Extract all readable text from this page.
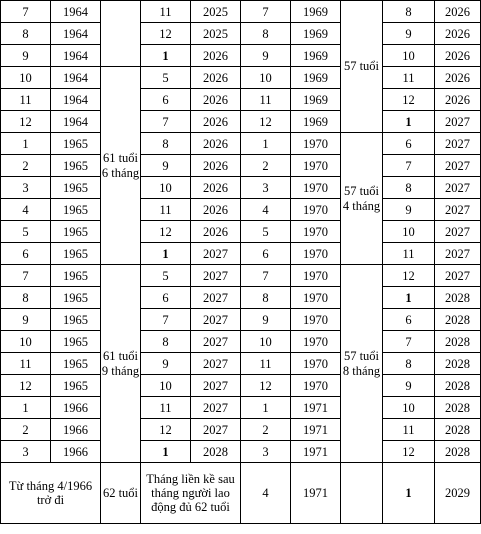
7	1964		11	2025	7	1969	57 tuổi	8	2026
8	1964		12	2025	8	1969		9	2026
9	1964		1	2026	9	1969		10	2026
10	1964	61 tuổi 6 tháng	5	2026	10	1969		11	2026
11	1964		6	2026	11	1969		12	2026
12	1964		7	2026	12	1969		1	2027
1	1965		8	2026	1	1970	57 tuổi 4 tháng	6	2027
2	1965		9	2026	2	1970		7	2027
3	1965		10	2026	3	1970		8	2027
4	1965		11	2026	4	1970		9	2027
5	1965		12	2026	5	1970		10	2027
6	1965		1	2027	6	1970		11	2027
7	1965	61 tuổi 9 tháng	5	2027	7	1970	57 tuổi 8 tháng	12	2027
8	1965		6	2027	8	1970		1	2028
9	1965		7	2027	9	1970		6	2028
10	1965		8	2027	10	1970		7	2028
11	1965		9	2027	11	1970		8	2028
12	1965		10	2027	12	1970		9	2028
1	1966		11	2027	1	1971		10	2028
2	1966		12	2027	2	1971		11	2028
3	1966		1	2028	3	1971		12	2028
Từ tháng 4/1966 trở đi		62 tuổi	Tháng liền kề sau tháng người lao động đủ 62 tuổi		4	1971		1	2029
